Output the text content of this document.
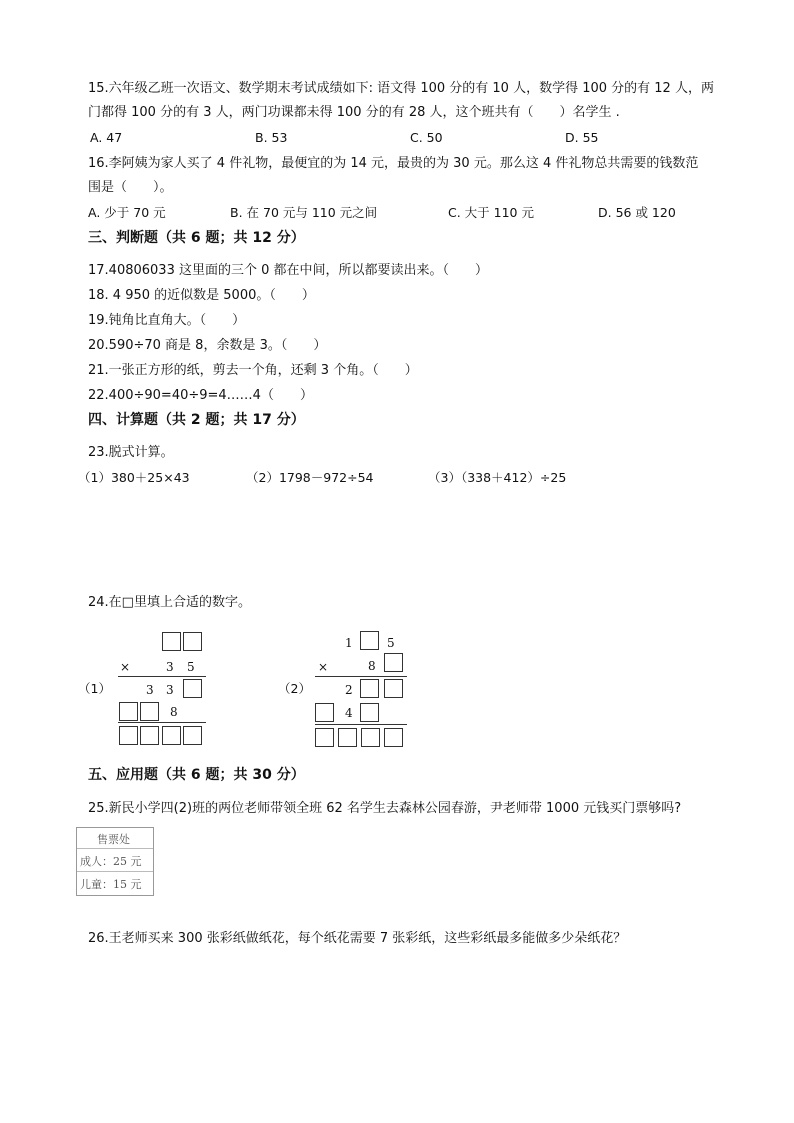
15.六年级乙班一次语文、数学期末考试成绩如下: 语文得 100 分的有 10 人，数学得 100 分的有 12 人，两
门都得 100 分的有 3 人，两门功课都未得 100 分的有 28 人，这个班共有（　　）名学生 .
A. 47	B. 53	C. 50	D. 55
16.李阿姨为家人买了 4 件礼物，最便宜的为 14 元，最贵的为 30 元。那么这 4 件礼物总共需要的钱数范
围是（　　）。
A. 少于 70 元	B. 在 70 元与 110 元之间	C. 大于 110 元	D. 56 或 120
三、判断题（共 6 题；共 12 分）
17.40806033 这里面的三个 0 都在中间，所以都要读出来。（　　）
18. 4 950 的近似数是 5000。（　　）
19.钝角比直角大。（　　）
20.590÷70 商是 8，余数是 3。（　　）
21.一张正方形的纸，剪去一个角，还剩 3 个角。（　　）
22.400÷90=40÷9=4……4（　　）
四、计算题（共 2 题；共 17 分）
23.脱式计算。
（1）380＋25×43	（2）1798－972÷54	（3）（338＋412）÷25
24.在□里填上合适的数字。
（1）
×	3 5
3 3
8
（2）
1	5
×	8
2
4
五、应用题（共 6 题；共 30 分）
25.新民小学四(2)班的两位老师带领全班 62 名学生去森林公园春游，尹老师带 1000 元钱买门票够吗?
售票处
成人：25 元
儿童：15 元
26.王老师买来 300 张彩纸做纸花，每个纸花需要 7 张彩纸，这些彩纸最多能做多少朵纸花？
